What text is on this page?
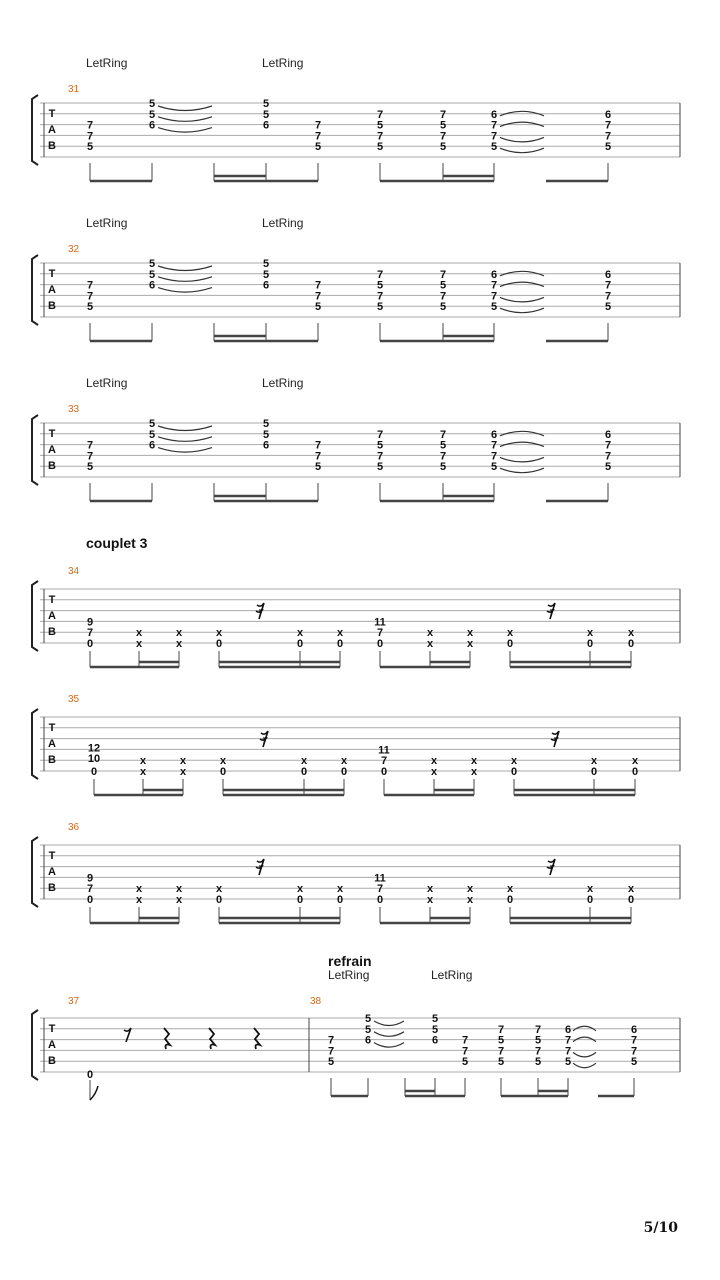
LetRing	LetRing
31
LetRing	LetRing
32
LetRing	LetRing
33
couplet 3
34
35
36
refrain
LetRing	LetRing
37	38
5/10
T
A
B
7
7
5
5
5
6
5
5
6	7
7
5
7
5
7
5
7
5
7
5
6
7
7
5
6
7
7
5
T
A
B
7
7
5
5
5
6
5
5
6	7
7
5
7
5
7
5
7
5
7
5
6
7
7
5
6
7
7
5
T
A
B
7
7
5
5
5
6
5
5
6	7
7
5
7
5
7
5
7
5
7
5
6
7
7
5
6
7
7
5
T
A
B
9
7
0
x
x
x
x
x
0
x
0
x
0
11
7
0
x
x
x
x
x
0
x
0
x
0
𝄿	𝄿
T
A
B
12
10
0
x
x
x
x
x
0
x
0
x
0
11
7
0
x
x
x
x
x
0
x
0
x
0
𝄿	𝄿
T
A
B
9
7
0
x
x
x
x
x
0
x
0
x
0
11
7
0
x
x
x
x
x
0
x
0
x
0
𝄿	𝄿
T
A
B
0
7
7
5
5
5
6
5
5
6 7
7
5
7
5
7
5
7
5
7
5
6
7
7
5
6
7
7
5
